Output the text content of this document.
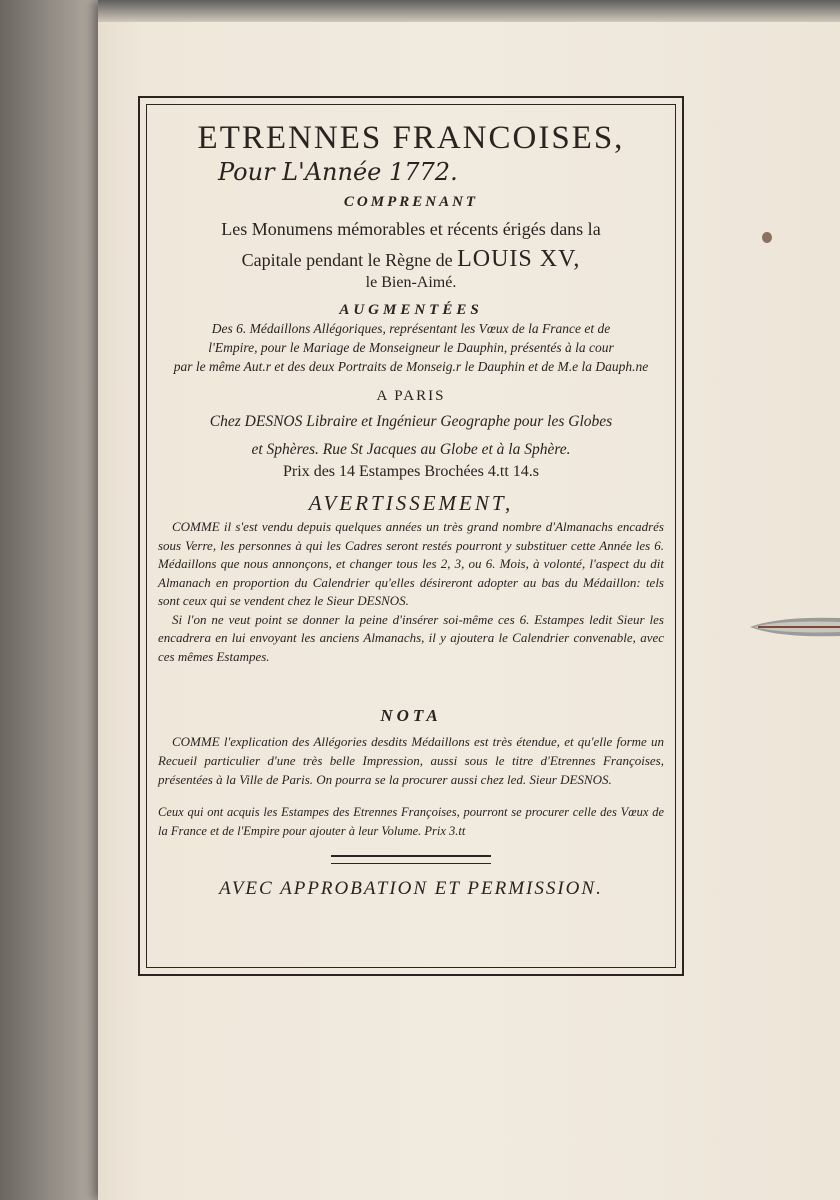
ETRENNES FRANCOISES,
Pour L'Année 1772.
COMPRENANT
Les Monumens mémorables et récents érigés dans la
Capitale pendant le Règne de LOUIS XV,
le Bien-Aimé.
AUGMENTÉES
Des 6. Médaillons Allégoriques, représentant les Vœux de la France et de
l'Empire, pour le Mariage de Monseigneur le Dauphin, présentés à la cour
par le même Aut.r et des deux Portraits de Monseig.r le Dauphin et de M.e la Dauph.ne
A PARIS
Chez DESNOS Libraire et Ingénieur Geographe pour les Globes
et Sphères. Rue St Jacques au Globe et à la Sphère.
Prix des 14 Estampes Brochées 4.tt 14.s
AVERTISSEMENT,

COMME il s'est vendu depuis quelques années un très grand nombre d'Almanachs encadrés sous Verre, les personnes à qui les Cadres seront restés pourront y substituer cette Année les 6. Médaillons que nous annonçons, et changer tous les 2, 3, ou 6. Mois, à volonté, l'aspect du dit Almanach en proportion du Calendrier qu'elles désireront adopter au bas du Médaillon: tels sont ceux qui se vendent chez le Sieur DESNOS.

Si l'on ne veut point se donner la peine d'insérer soi-même ces 6. Estampes ledit Sieur les encadrera en lui envoyant les anciens Almanachs, il y ajoutera le Calendrier convenable, avec ces mêmes Estampes.

NOTA

COMME l'explication des Allégories desdits Médaillons est très étendue, et qu'elle forme un Recueil particulier d'une très belle Impression, aussi sous le titre d'Etrennes Françoises, présentées à la Ville de Paris. On pourra se la procurer aussi chez led. Sieur DESNOS.

Ceux qui ont acquis les Estampes des Etrennes Françoises, pourront se procurer celle des Vœux de la France et de l'Empire pour ajouter à leur Volume. Prix 3.tt
AVEC APPROBATION ET PERMISSION.
